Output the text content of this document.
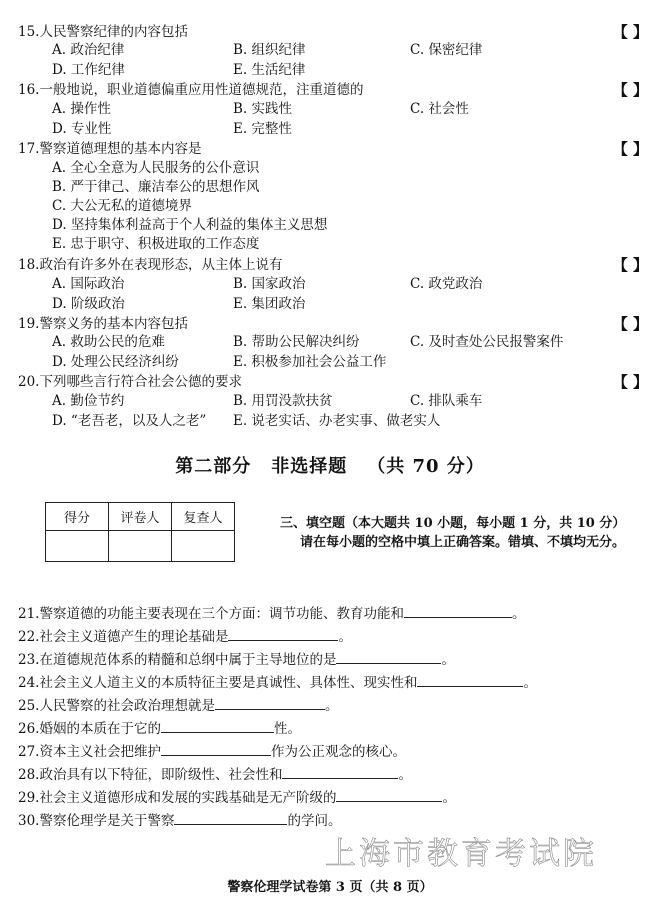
15.人民警察纪律的内容包括	【 】
A. 政治纪律	B. 组织纪律	C. 保密纪律
D. 工作纪律	E. 生活纪律
16.一般地说，职业道德偏重应用性道德规范，注重道德的	【 】
A. 操作性	B. 实践性	C. 社会性
D. 专业性	E. 完整性
17.警察道德理想的基本内容是	【 】
A. 全心全意为人民服务的公仆意识
B. 严于律己、廉洁奉公的思想作风
C. 大公无私的道德境界
D. 坚持集体利益高于个人利益的集体主义思想
E. 忠于职守、积极进取的工作态度
18.政治有许多外在表现形态，从主体上说有	【 】
A. 国际政治	B. 国家政治	C. 政党政治
D. 阶级政治	E. 集团政治
19.警察义务的基本内容包括	【 】
A. 救助公民的危难	B. 帮助公民解决纠纷	C. 及时查处公民报警案件
D. 处理公民经济纠纷	E. 积极参加社会公益工作
20.下列哪些言行符合社会公德的要求	【 】
A. 勤俭节约	B. 用罚没款扶贫	C. 排队乘车
D. “老吾老，以及人之老” E. 说老实话、办老实事、做老实人
第二部分 非选择题 （共 70 分）
得分	评卷人	复查人
			三、填空题（本大题共 10 小题，每小题 1 分，共 10 分）
请在每小题的空格中填上正确答案。错填、不填均无分。
21.警察道德的功能主要表现在三个方面：调节功能、教育功能和	。
22.社会主义道德产生的理论基础是	。
23.在道德规范体系的精髓和总纲中属于主导地位的是	。
24.社会主义人道主义的本质特征主要是真诚性、具体性、现实性和	。
25.人民警察的社会政治理想就是	。
26.婚姻的本质在于它的	性。
27.资本主义社会把维护	作为公正观念的核心。
28.政治具有以下特征，即阶级性、社会性和	。
29.社会主义道德形成和发展的实践基础是无产阶级的	。
30.警察伦理学是关于警察	的学问。
上海市教育考试院
警察伦理学试卷第 3 页（共 8 页）
